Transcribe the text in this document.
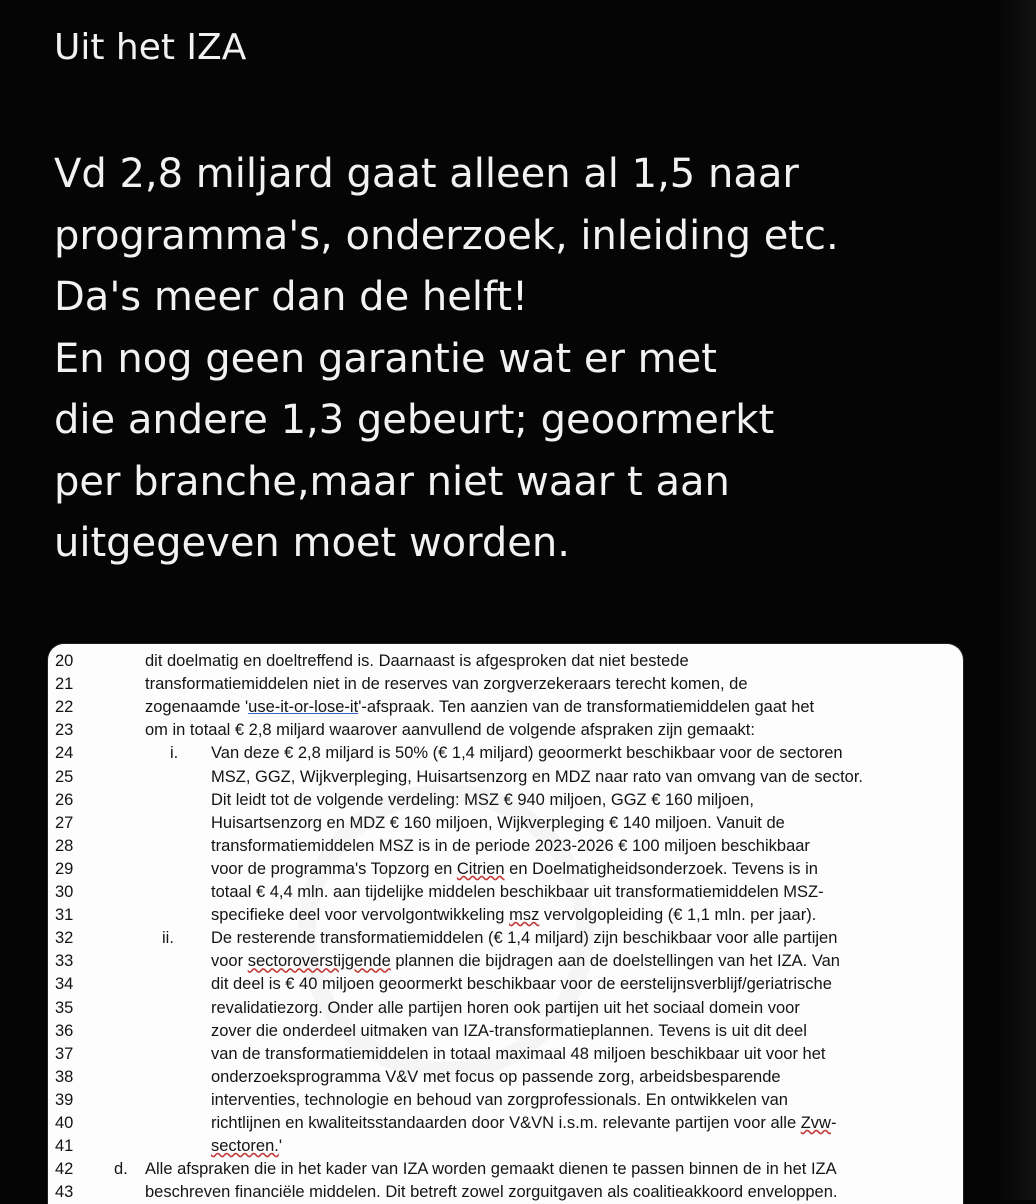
Uit het IZA

Vd 2,8 miljard gaat alleen al 1,5 naar
programma's, onderzoek, inleiding etc.
Da's meer dan de helft!
En nog geen garantie wat er met
die andere 1,3 gebeurt; geoormerkt
per branche,maar niet waar t aan
uitgegeven moet worden.
20	dit doelmatig en doeltreffend is. Daarnaast is afgesproken dat niet bestede
21	transformatiemiddelen niet in de reserves van zorgverzekeraars terecht komen, de
22	zogenaamde 'use-it-or-lose-it'-afspraak. Ten aanzien van de transformatiemiddelen gaat het
23	om in totaal € 2,8 miljard waarover aanvullend de volgende afspraken zijn gemaakt:
24	i. Van deze € 2,8 miljard is 50% (€ 1,4 miljard) geoormerkt beschikbaar voor de sectoren
25	MSZ, GGZ, Wijkverpleging, Huisartsenzorg en MDZ naar rato van omvang van de sector.
26	Dit leidt tot de volgende verdeling: MSZ € 940 miljoen, GGZ € 160 miljoen,
27	Huisartsenzorg en MDZ € 160 miljoen, Wijkverpleging € 140 miljoen. Vanuit de
28	transformatiemiddelen MSZ is in de periode 2023-2026 € 100 miljoen beschikbaar
29	voor de programma's Topzorg en Citrien en Doelmatigheidsonderzoek. Tevens is in
30	totaal € 4,4 mln. aan tijdelijke middelen beschikbaar uit transformatiemiddelen MSZ-
31	specifieke deel voor vervolgontwikkeling msz vervolgopleiding (€ 1,1 mln. per jaar).
32	ii. De resterende transformatiemiddelen (€ 1,4 miljard) zijn beschikbaar voor alle partijen
33	voor sectoroverstijgende plannen die bijdragen aan de doelstellingen van het IZA. Van
34	dit deel is € 40 miljoen geoormerkt beschikbaar voor de eerstelijnsverblijf/geriatrische
35	revalidatiezorg. Onder alle partijen horen ook partijen uit het sociaal domein voor
36	zover die onderdeel uitmaken van IZA-transformatieplannen. Tevens is uit dit deel
37	van de transformatiemiddelen in totaal maximaal 48 miljoen beschikbaar uit voor het
38	onderzoeksprogramma V&V met focus op passende zorg, arbeidsbesparende
39	interventies, technologie en behoud van zorgprofessionals. En ontwikkelen van
40	richtlijnen en kwaliteitsstandaarden door V&VN i.s.m. relevante partijen voor alle Zvw-
41	sectoren.'
42	d. Alle afspraken die in het kader van IZA worden gemaakt dienen te passen binnen de in het IZA
43	beschreven financiële middelen. Dit betreft zowel zorguitgaven als coalitieakkoord enveloppen.
